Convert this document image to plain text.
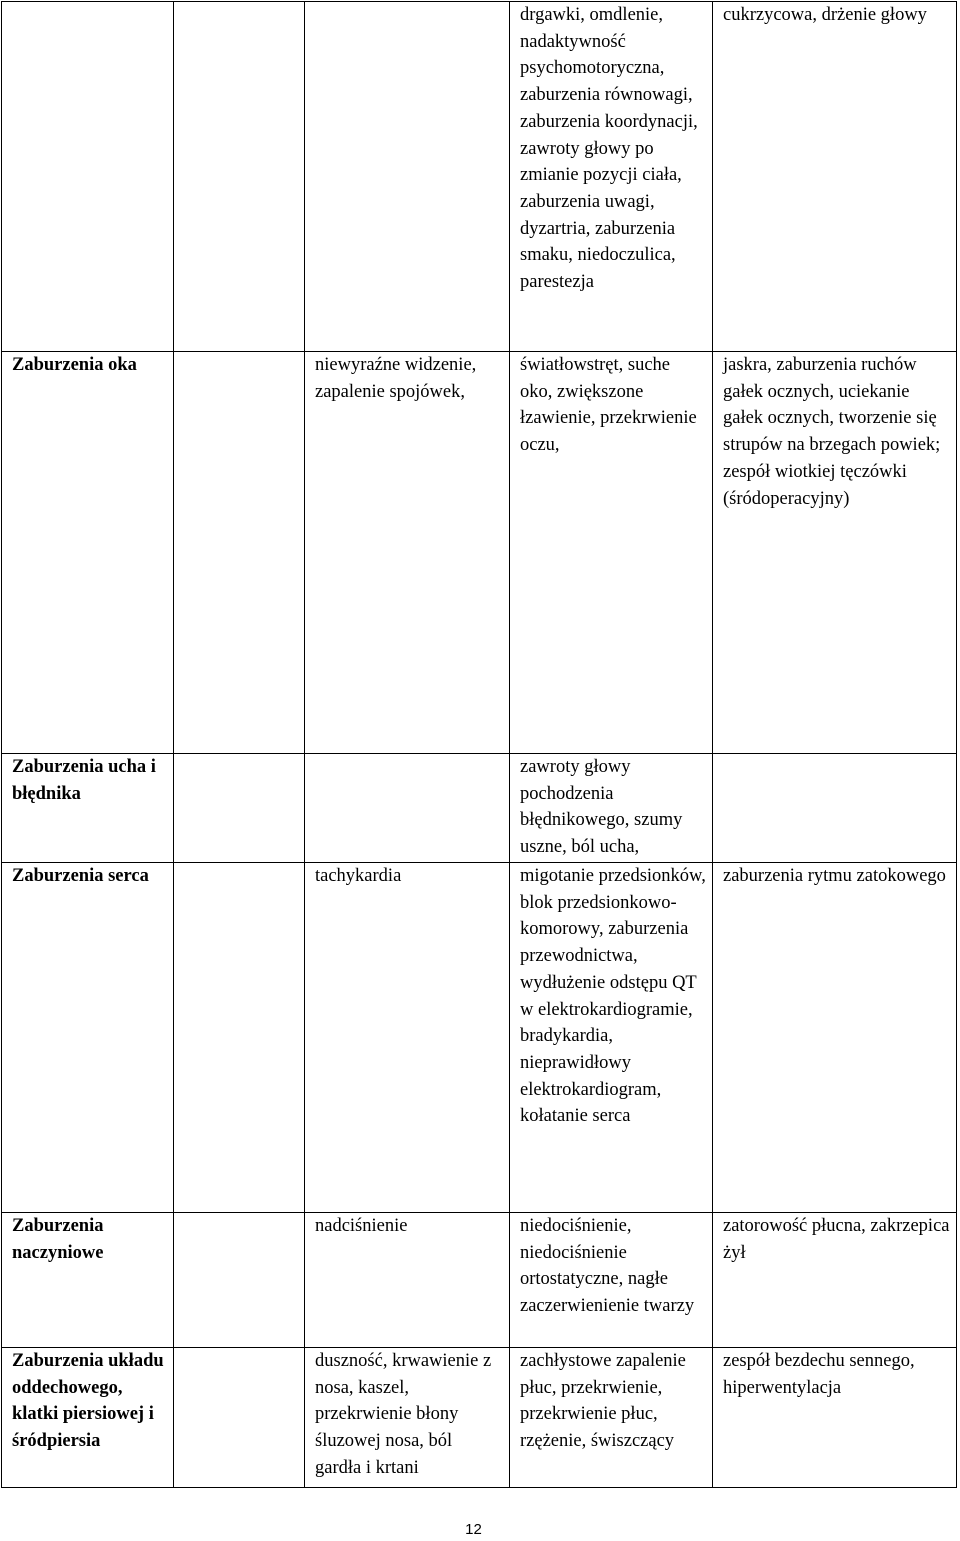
			drgawki, omdlenie, nadaktywność psychomotoryczna, zaburzenia równowagi, zaburzenia koordynacji, zawroty głowy po zmianie pozycji ciała, zaburzenia uwagi, dyzartria, zaburzenia smaku, niedoczulica, parestezja	cukrzycowa, drżenie głowy

Zaburzenia oka		niewyraźne widzenie, zapalenie spojówek,	światłowstręt, suche oko, zwiększone łzawienie, przekrwienie oczu,	jaskra, zaburzenia ruchów gałek ocznych, uciekanie gałek ocznych, tworzenie się strupów na brzegach powiek; zespół wiotkiej tęczówki (śródoperacyjny)

Zaburzenia ucha i błędnika			zawroty głowy pochodzenia błędnikowego, szumy uszne, ból ucha,	

Zaburzenia serca		tachykardia	migotanie przedsionków, blok przedsionkowo-komorowy, zaburzenia przewodnictwa, wydłużenie odstępu QT w elektrokardiogramie, bradykardia, nieprawidłowy elektrokardiogram, kołatanie serca	zaburzenia rytmu zatokowego

Zaburzenia naczyniowe		nadciśnienie	niedociśnienie, niedociśnienie ortostatyczne, nagłe zaczerwienienie twarzy	zatorowość płucna, zakrzepica żył

Zaburzenia układu oddechowego, klatki piersiowej i śródpiersia		duszność, krwawienie z nosa, kaszel, przekrwienie błony śluzowej nosa, ból gardła i krtani	zachłystowe zapalenie płuc, przekrwienie, przekrwienie płuc, rzężenie, świszczący	zespół bezdechu sennego, hiperwentylacja
12
